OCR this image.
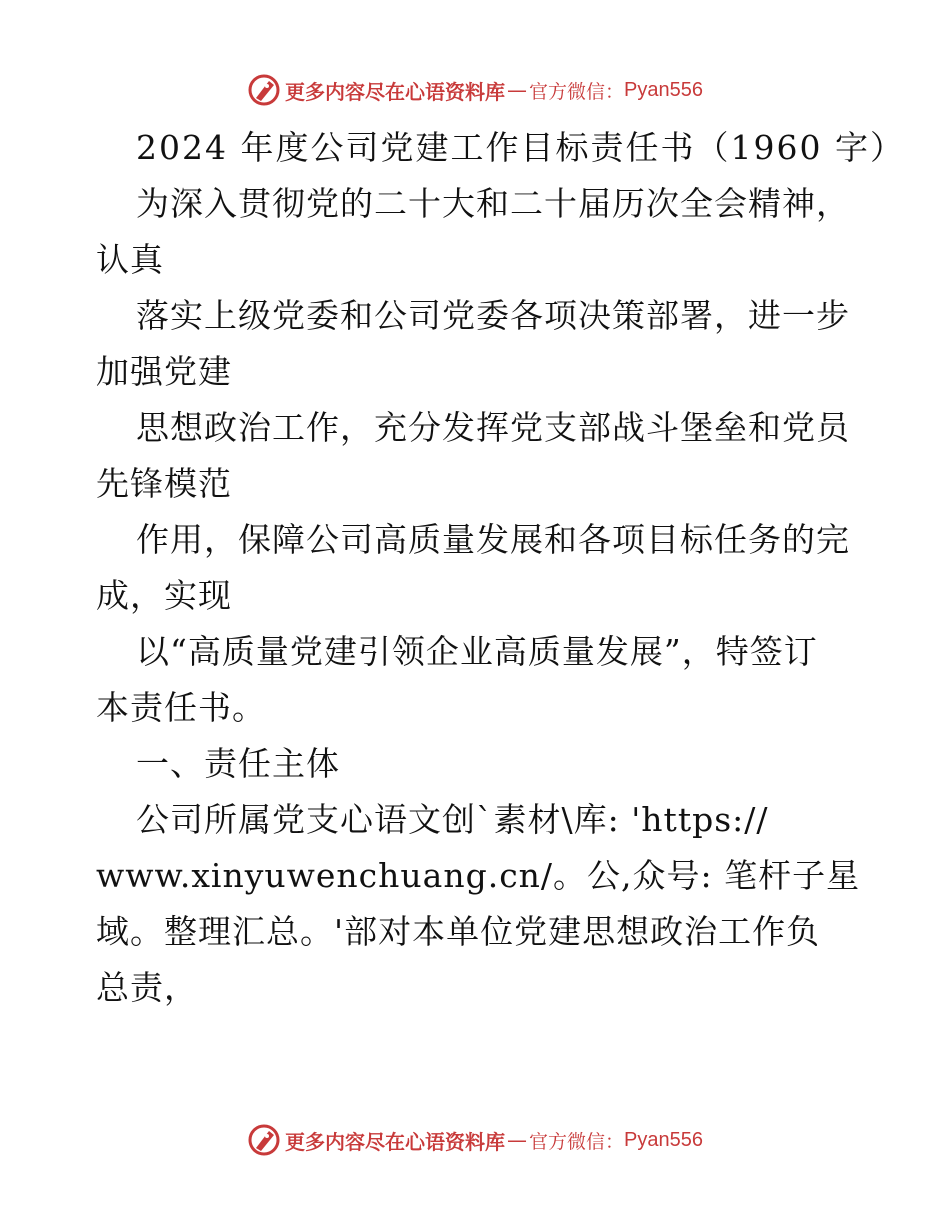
更多内容尽在心语资料库 — 官方微信： Pyan556
2024 年度公司党建工作目标责任书（1960 字）
为深入贯彻党的二十大和二十届历次全会精神，
认真
落实上级党委和公司党委各项决策部署，进一步
加强党建
思想政治工作，充分发挥党支部战斗堡垒和党员
先锋模范
作用，保障公司高质量发展和各项目标任务的完
成，实现
以“高质量党建引领企业高质量发展”，特签订
本责任书。
一、责任主体
公司所属党支心语文创`素材\库: 'https://
www.xinyuwenchuang.cn/。公,众号: 笔杆子星
域。整理汇总。'部对本单位党建思想政治工作负
总责，
更多内容尽在心语资料库 — 官方微信： Pyan556
